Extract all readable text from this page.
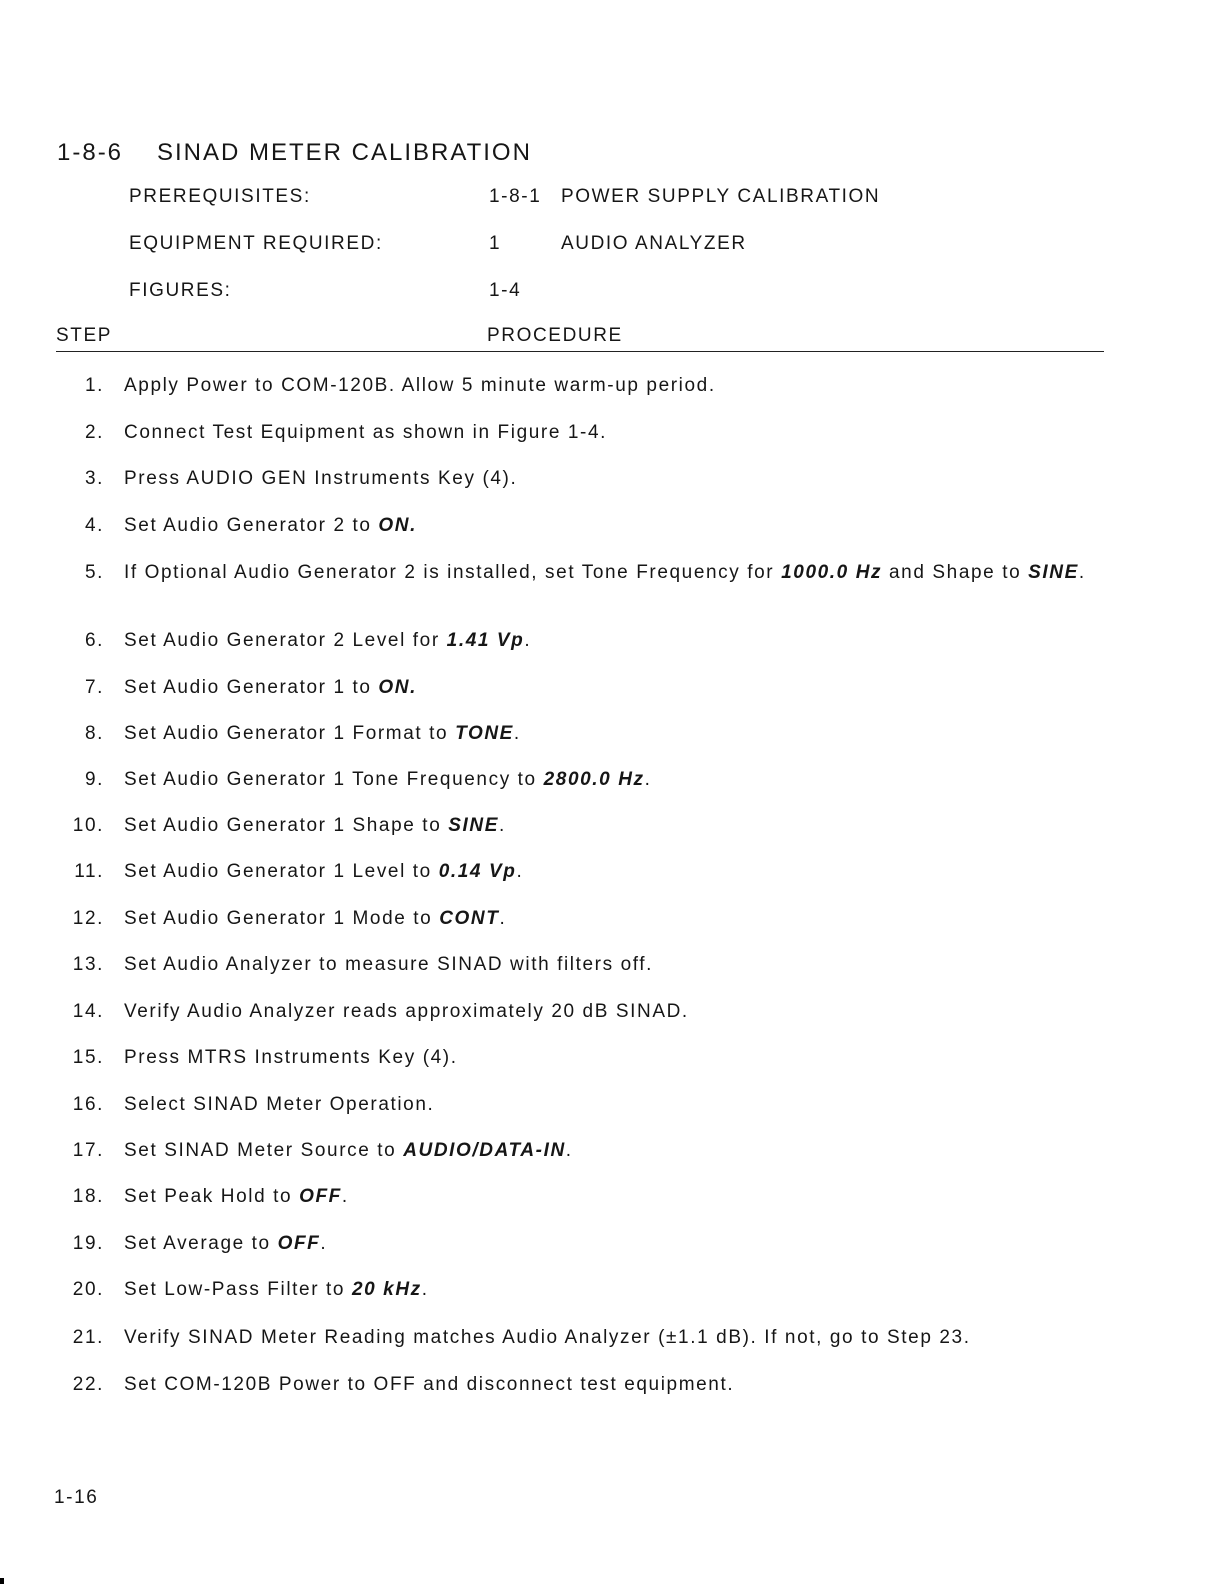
1-8-6 SINAD METER CALIBRATION
PREREQUISITES:	1-8-1 POWER SUPPLY CALIBRATION
EQUIPMENT REQUIRED:	1	AUDIO ANALYZER
FIGURES:	1-4
STEP	PROCEDURE
1. Apply Power to COM-120B. Allow 5 minute warm-up period.
2. Connect Test Equipment as shown in Figure 1-4.
3. Press AUDIO GEN Instruments Key (4).
4. Set Audio Generator 2 to ON.
5. If Optional Audio Generator 2 is installed, set Tone Frequency for 1000.0 Hz and Shape to SINE.
6. Set Audio Generator 2 Level for 1.41 Vp.
7. Set Audio Generator 1 to ON.
8. Set Audio Generator 1 Format to TONE.
9. Set Audio Generator 1 Tone Frequency to 2800.0 Hz.
10. Set Audio Generator 1 Shape to SINE.
11. Set Audio Generator 1 Level to 0.14 Vp.
12. Set Audio Generator 1 Mode to CONT.
13. Set Audio Analyzer to measure SINAD with filters off.
14. Verify Audio Analyzer reads approximately 20 dB SINAD.
15. Press MTRS Instruments Key (4).
16. Select SINAD Meter Operation.
17. Set SINAD Meter Source to AUDIO/DATA-IN.
18. Set Peak Hold to OFF.
19. Set Average to OFF.
20. Set Low-Pass Filter to 20 kHz.
21. Verify SINAD Meter Reading matches Audio Analyzer (±1.1 dB). If not, go to Step 23.
22. Set COM-120B Power to OFF and disconnect test equipment.
1-16
